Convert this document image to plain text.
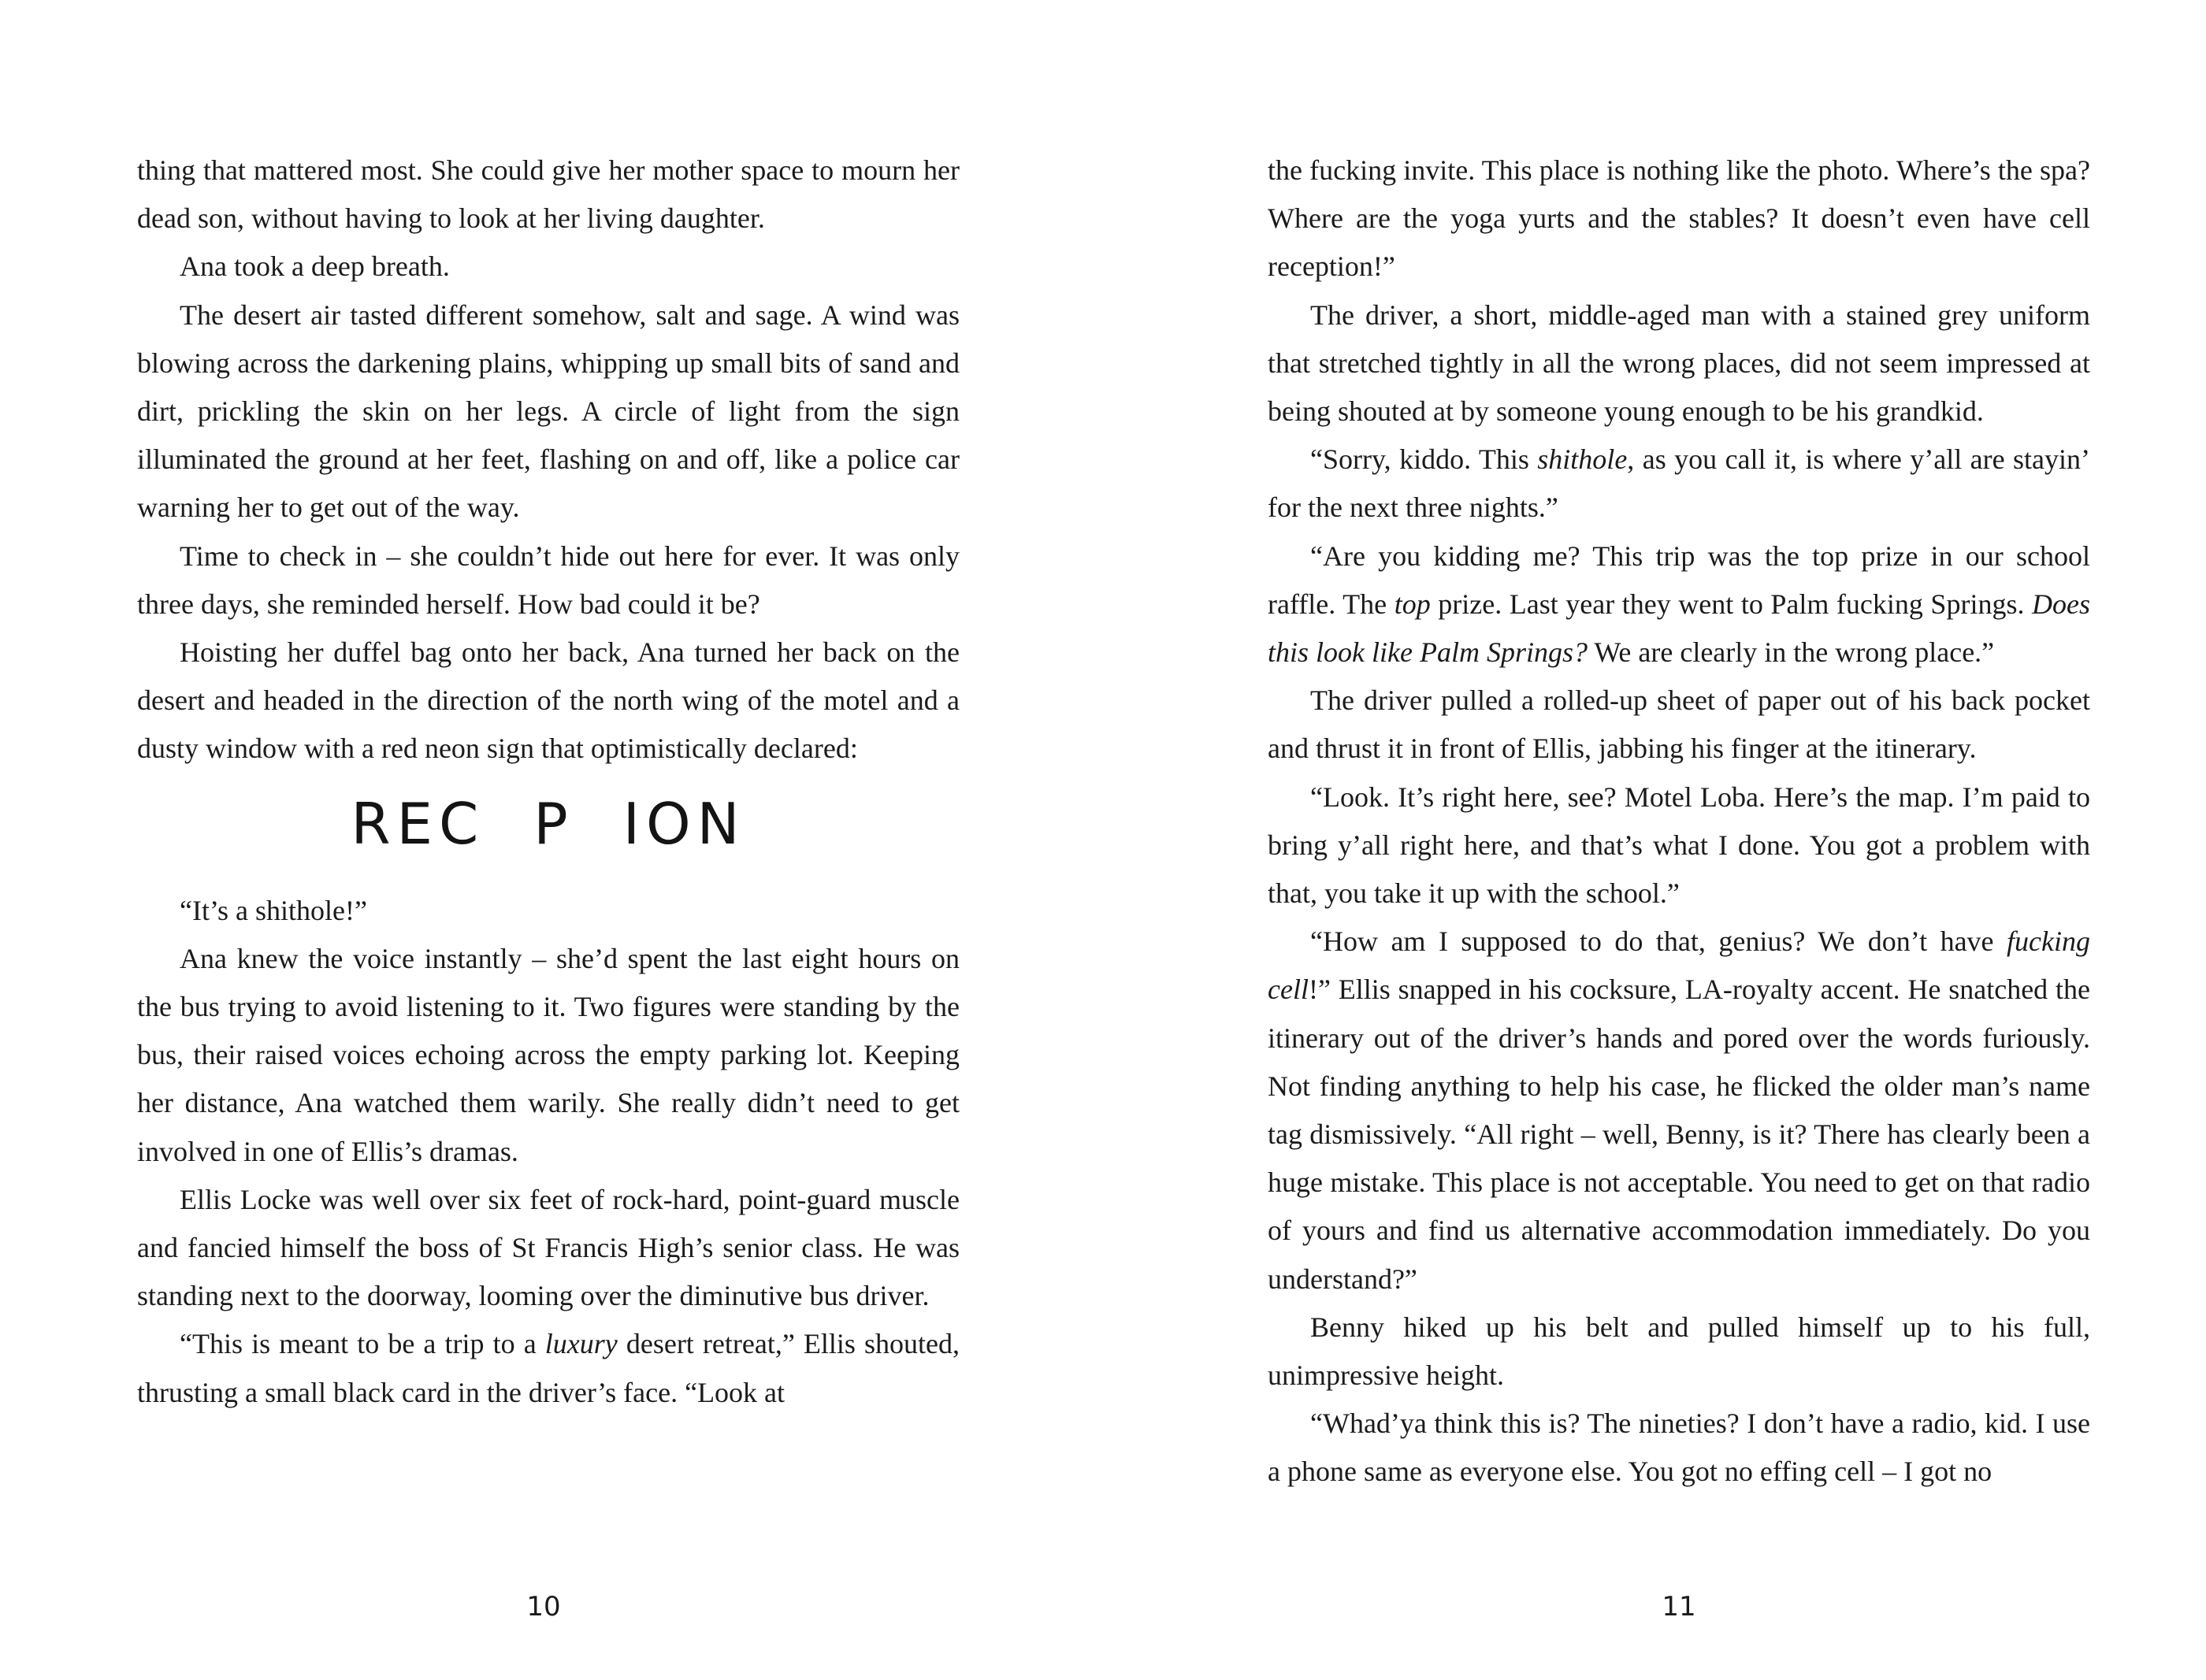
thing that mattered most. She could give her mother space to mourn her dead son, without having to look at her living daughter.

Ana took a deep breath.

The desert air tasted different somehow, salt and sage. A wind was blowing across the darkening plains, whipping up small bits of sand and dirt, prickling the skin on her legs. A circle of light from the sign illuminated the ground at her feet, flashing on and off, like a police car warning her to get out of the way.

Time to check in – she couldn’t hide out here for ever. It was only three days, she reminded herself. How bad could it be?

Hoisting her duffel bag onto her back, Ana turned her back on the desert and headed in the direction of the north wing of the motel and a dusty window with a red neon sign that optimistically declared:

REC P ION

“It’s a shithole!”

Ana knew the voice instantly – she’d spent the last eight hours on the bus trying to avoid listening to it. Two figures were standing by the bus, their raised voices echoing across the empty parking lot. Keeping her distance, Ana watched them warily. She really didn’t need to get involved in one of Ellis’s dramas.

Ellis Locke was well over six feet of rock-hard, point-guard muscle and fancied himself the boss of St Francis High’s senior class. He was standing next to the doorway, looming over the diminutive bus driver.

“This is meant to be a trip to a luxury desert retreat,” Ellis shouted, thrusting a small black card in the driver’s face. “Look at

the fucking invite. This place is nothing like the photo. Where’s the spa? Where are the yoga yurts and the stables? It doesn’t even have cell reception!”

The driver, a short, middle-aged man with a stained grey uniform that stretched tightly in all the wrong places, did not seem impressed at being shouted at by someone young enough to be his grandkid.

“Sorry, kiddo. This shithole, as you call it, is where y’all are stayin’ for the next three nights.”

“Are you kidding me? This trip was the top prize in our school raffle. The top prize. Last year they went to Palm fucking Springs. Does this look like Palm Springs? We are clearly in the wrong place.”

The driver pulled a rolled-up sheet of paper out of his back pocket and thrust it in front of Ellis, jabbing his finger at the itinerary.

“Look. It’s right here, see? Motel Loba. Here’s the map. I’m paid to bring y’all right here, and that’s what I done. You got a problem with that, you take it up with the school.”

“How am I supposed to do that, genius? We don’t have fucking cell!” Ellis snapped in his cocksure, LA-royalty accent. He snatched the itinerary out of the driver’s hands and pored over the words furiously. Not finding anything to help his case, he flicked the older man’s name tag dismissively. “All right – well, Benny, is it? There has clearly been a huge mistake. This place is not acceptable. You need to get on that radio of yours and find us alternative accommodation immediately. Do you understand?”

Benny hiked up his belt and pulled himself up to his full, unimpressive height.

“Whad’ya think this is? The nineties? I don’t have a radio, kid. I use a phone same as everyone else. You got no effing cell – I got no

10	11
